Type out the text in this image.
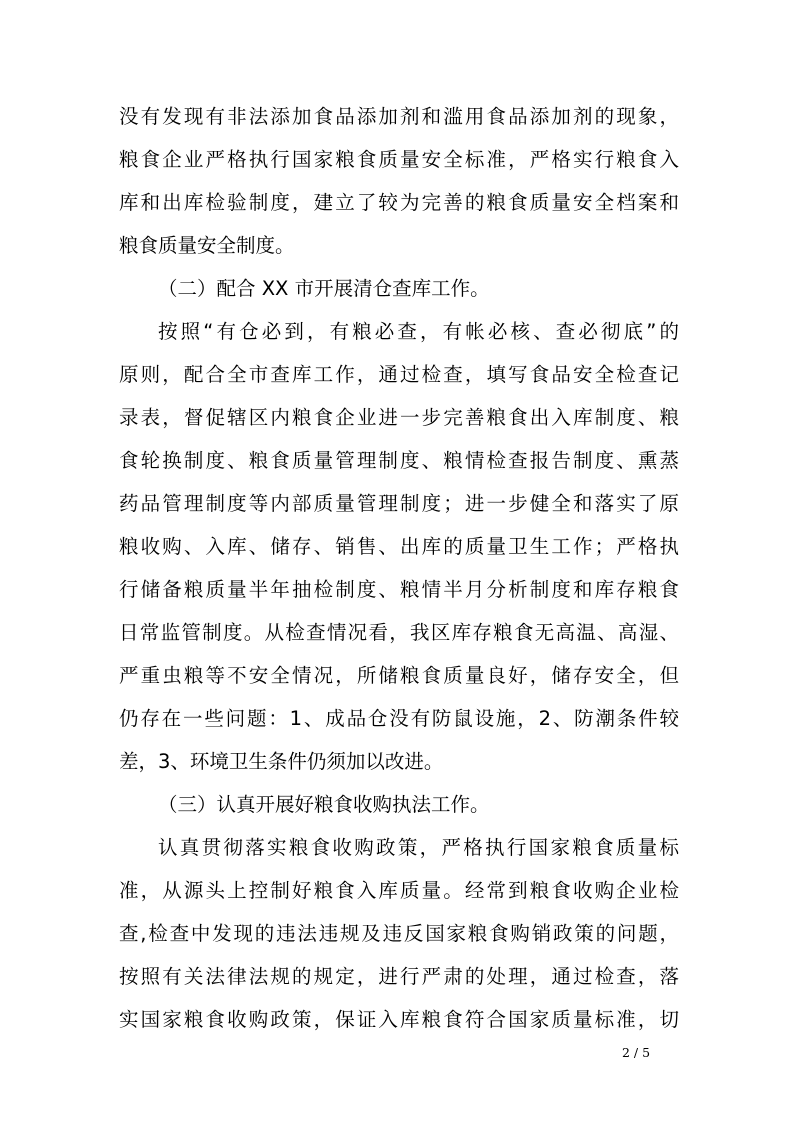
没有发现有非法添加食品添加剂和滥用食品添加剂的现象，
粮食企业严格执行国家粮食质量安全标准，严格实行粮食入
库和出库检验制度，建立了较为完善的粮食质量安全档案和
粮食质量安全制度。
（二）配合 XX 市开展清仓查库工作。
按照“有仓必到，有粮必查，有帐必核、查必彻底”的
原则，配合全市查库工作，通过检查，填写食品安全检查记
录表，督促辖区内粮食企业进一步完善粮食出入库制度、粮
食轮换制度、粮食质量管理制度、粮情检查报告制度、熏蒸
药品管理制度等内部质量管理制度；进一步健全和落实了原
粮收购、入库、储存、销售、出库的质量卫生工作；严格执
行储备粮质量半年抽检制度、粮情半月分析制度和库存粮食
日常监管制度。从检查情况看，我区库存粮食无高温、高湿、
严重虫粮等不安全情况，所储粮食质量良好，储存安全，但
仍存在一些问题：1、成品仓没有防鼠设施，2、防潮条件较
差，3、环境卫生条件仍须加以改进。
（三）认真开展好粮食收购执法工作。
认真贯彻落实粮食收购政策，严格执行国家粮食质量标
准，从源头上控制好粮食入库质量。经常到粮食收购企业检
查,检查中发现的违法违规及违反国家粮食购销政策的问题，
按照有关法律法规的规定，进行严肃的处理，通过检查，落
实国家粮食收购政策，保证入库粮食符合国家质量标准，切
2 / 5
